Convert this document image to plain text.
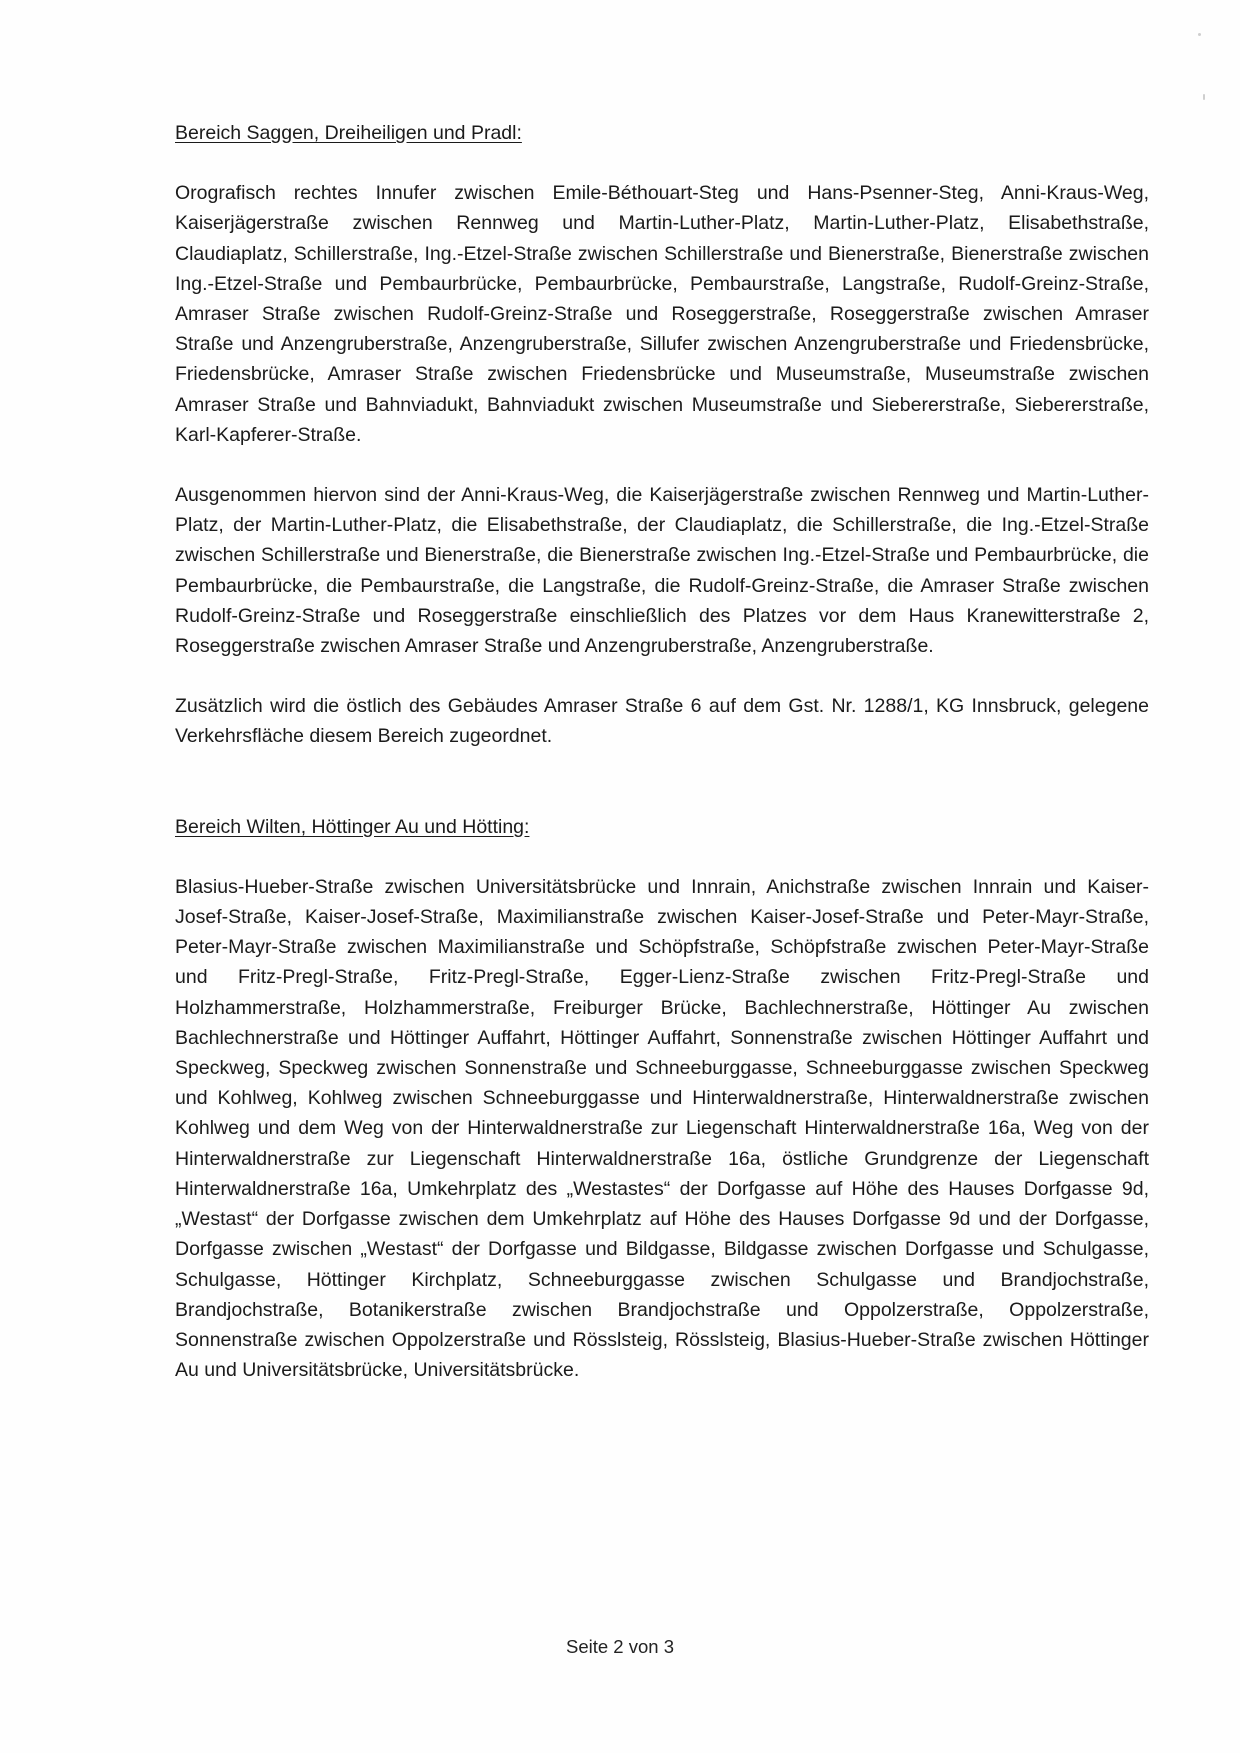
Bereich Saggen, Dreiheiligen und Pradl:

Orografisch rechtes Innufer zwischen Emile-Béthouart-Steg und Hans-Psenner-Steg, Anni-Kraus-Weg, Kaiserjägerstraße zwischen Rennweg und Martin-Luther-Platz, Martin-Luther-Platz, Elisabethstraße, Claudiaplatz, Schillerstraße, Ing.-Etzel-Straße zwischen Schillerstraße und Bienerstraße, Bienerstraße zwischen Ing.-Etzel-Straße und Pembaurbrücke, Pembaurbrücke, Pembaurstraße, Langstraße, Rudolf-Greinz-Straße, Amraser Straße zwischen Rudolf-Greinz-Straße und Roseggerstraße, Roseggerstraße zwischen Amraser Straße und Anzengruberstraße, Anzengruberstraße, Sillufer zwischen Anzengruberstraße und Friedensbrücke, Friedensbrücke, Amraser Straße zwischen Friedensbrücke und Museumstraße, Museumstraße zwischen Amraser Straße und Bahnviadukt, Bahnviadukt zwischen Museumstraße und Siebererstraße, Siebererstraße, Karl-Kapferer-Straße.

Ausgenommen hiervon sind der Anni-Kraus-Weg, die Kaiserjägerstraße zwischen Rennweg und Martin-Luther-Platz, der Martin-Luther-Platz, die Elisabethstraße, der Claudiaplatz, die Schillerstraße, die Ing.-Etzel-Straße zwischen Schillerstraße und Bienerstraße, die Bienerstraße zwischen Ing.-Etzel-Straße und Pembaurbrücke, die Pembaurbrücke, die Pembaurstraße, die Langstraße, die Rudolf-Greinz-Straße, die Amraser Straße zwischen Rudolf-Greinz-Straße und Roseggerstraße einschließlich des Platzes vor dem Haus Kranewitterstraße 2, Roseggerstraße zwischen Amraser Straße und Anzengruberstraße, Anzengruberstraße.

Zusätzlich wird die östlich des Gebäudes Amraser Straße 6 auf dem Gst. Nr. 1288/1, KG Innsbruck, gelegene Verkehrsfläche diesem Bereich zugeordnet.

Bereich Wilten, Höttinger Au und Hötting:

Blasius-Hueber-Straße zwischen Universitätsbrücke und Innrain, Anichstraße zwischen Innrain und Kaiser-Josef-Straße, Kaiser-Josef-Straße, Maximilianstraße zwischen Kaiser-Josef-Straße und Peter-Mayr-Straße, Peter-Mayr-Straße zwischen Maximilianstraße und Schöpfstraße, Schöpfstraße zwischen Peter-Mayr-Straße und Fritz-Pregl-Straße, Fritz-Pregl-Straße, Egger-Lienz-Straße zwischen Fritz-Pregl-Straße und Holzhammerstraße, Holzhammerstraße, Freiburger Brücke, Bachlechnerstraße, Höttinger Au zwischen Bachlechnerstraße und Höttinger Auffahrt, Höttinger Auffahrt, Sonnenstraße zwischen Höttinger Auffahrt und Speckweg, Speckweg zwischen Sonnenstraße und Schneeburggasse, Schneeburggasse zwischen Speckweg und Kohlweg, Kohlweg zwischen Schneeburggasse und Hinterwaldnerstraße, Hinterwaldnerstraße zwischen Kohlweg und dem Weg von der Hinterwaldnerstraße zur Liegenschaft Hinterwaldnerstraße 16a, Weg von der Hinterwaldnerstraße zur Liegenschaft Hinterwaldnerstraße 16a, östliche Grundgrenze der Liegenschaft Hinterwaldnerstraße 16a, Umkehrplatz des „Westastes“ der Dorfgasse auf Höhe des Hauses Dorfgasse 9d, „Westast“ der Dorfgasse zwischen dem Umkehrplatz auf Höhe des Hauses Dorfgasse 9d und der Dorfgasse, Dorfgasse zwischen „Westast“ der Dorfgasse und Bildgasse, Bildgasse zwischen Dorfgasse und Schulgasse, Schulgasse, Höttinger Kirchplatz, Schneeburggasse zwischen Schulgasse und Brandjochstraße, Brandjochstraße, Botanikerstraße zwischen Brandjochstraße und Oppolzerstraße, Oppolzerstraße, Sonnenstraße zwischen Oppolzerstraße und Rösslsteig, Rösslsteig, Blasius-Hueber-Straße zwischen Höttinger Au und Universitätsbrücke, Universitätsbrücke.

Seite 2 von 3
